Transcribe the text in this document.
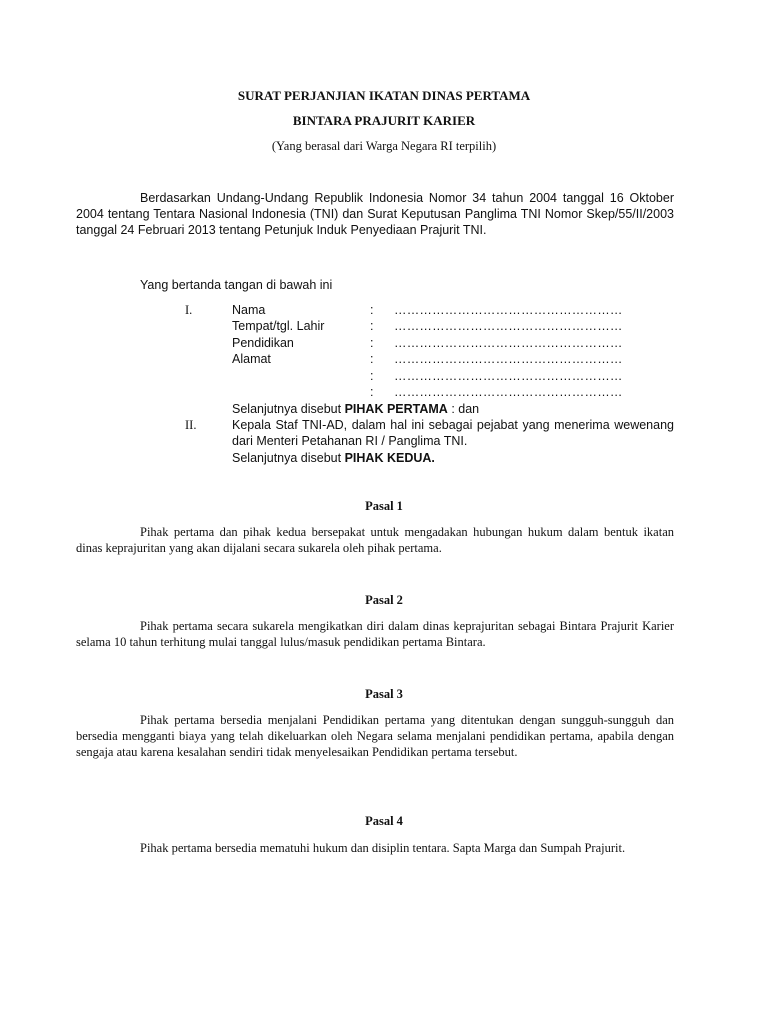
SURAT PERJANJIAN IKATAN DINAS PERTAMA
BINTARA PRAJURIT KARIER
(Yang berasal dari Warga Negara RI terpilih)
Berdasarkan Undang-Undang Republik Indonesia Nomor 34 tahun 2004 tanggal 16 Oktober 2004 tentang Tentara Nasional Indonesia (TNI) dan Surat Keputusan Panglima TNI Nomor Skep/55/II/2003 tanggal 24 Februari 2013 tentang Petunjuk Induk Penyediaan Prajurit TNI.
Yang bertanda tangan di bawah ini
I.	Nama	: ………………………………………………
Tempat/tgl. Lahir	: ………………………………………………
Pendidikan	: ………………………………………………
Alamat	: ………………………………………………
: ………………………………………………
: ………………………………………………
Selanjutnya disebut PIHAK PERTAMA : dan
II.	Kepala Staf TNI-AD, dalam hal ini sebagai pejabat yang menerima wewenang dari Menteri Petahanan RI / Panglima TNI.
Selanjutnya disebut PIHAK KEDUA.
Pasal 1
Pihak pertama dan pihak kedua bersepakat untuk mengadakan hubungan hukum dalam bentuk ikatan dinas keprajuritan yang akan dijalani secara sukarela oleh pihak pertama.
Pasal 2
Pihak pertama secara sukarela mengikatkan diri dalam dinas keprajuritan sebagai Bintara Prajurit Karier selama 10 tahun terhitung mulai tanggal lulus/masuk pendidikan pertama Bintara.
Pasal 3
Pihak pertama bersedia menjalani Pendidikan pertama yang ditentukan dengan sungguh-sungguh dan bersedia mengganti biaya yang telah dikeluarkan oleh Negara selama menjalani pendidikan pertama, apabila dengan sengaja atau karena kesalahan sendiri tidak menyelesaikan Pendidikan pertama tersebut.
Pasal 4
Pihak pertama bersedia mematuhi hukum dan disiplin tentara. Sapta Marga dan Sumpah Prajurit.
